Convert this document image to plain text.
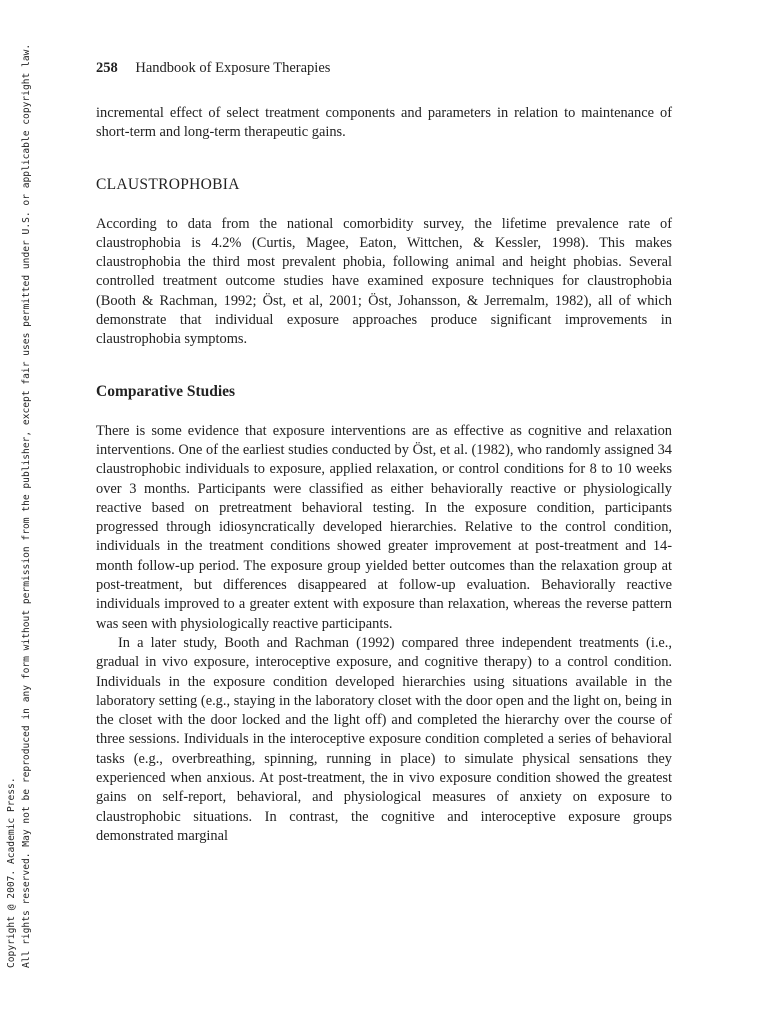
Copyright @ 2007. Academic Press. All rights reserved. May not be reproduced in any form without permission from the publisher, except fair uses permitted under U.S. or applicable copyright law.	258 Handbook of Exposure Therapies

incremental effect of select treatment components and parameters in relation to maintenance of short-term and long-term therapeutic gains.

CLAUSTROPHOBIA

According to data from the national comorbidity survey, the lifetime prevalence rate of claustrophobia is 4.2% (Curtis, Magee, Eaton, Wittchen, & Kessler, 1998). This makes claustrophobia the third most prevalent phobia, following animal and height phobias. Several controlled treatment outcome studies have examined exposure techniques for claustrophobia (Booth & Rachman, 1992; Öst, et al, 2001; Öst, Johansson, & Jerremalm, 1982), all of which demonstrate that individual exposure approaches produce significant improvements in claustrophobia symptoms.

Comparative Studies

There is some evidence that exposure interventions are as effective as cognitive and relaxation interventions. One of the earliest studies conducted by Öst, et al. (1982), who randomly assigned 34 claustrophobic individuals to exposure, applied relaxation, or control conditions for 8 to 10 weeks over 3 months. Participants were classified as either behaviorally reactive or physiologically reactive based on pretreatment behavioral testing. In the exposure condition, participants progressed through idiosyncratically developed hierarchies. Relative to the control condition, individuals in the treatment conditions showed greater improvement at post-treatment and 14-month follow-up period. The exposure group yielded better outcomes than the relaxation group at post-treatment, but differences disappeared at follow-up evaluation. Behaviorally reactive individuals improved to a greater extent with exposure than relaxation, whereas the reverse pattern was seen with physiologically reactive participants.

In a later study, Booth and Rachman (1992) compared three independent treatments (i.e., gradual in vivo exposure, interoceptive exposure, and cognitive therapy) to a control condition. Individuals in the exposure condition developed hierarchies using situations available in the laboratory setting (e.g., staying in the laboratory closet with the door open and the light on, being in the closet with the door locked and the light off) and completed the hierarchy over the course of three sessions. Individuals in the interoceptive exposure condition completed a series of behavioral tasks (e.g., overbreathing, spinning, running in place) to simulate physical sensations they experienced when anxious. At post-treatment, the in vivo exposure condition showed the greatest gains on self-report, behavioral, and physiological measures of anxiety on exposure to claustrophobic situations. In contrast, the cognitive and interoceptive exposure groups demonstrated marginal
